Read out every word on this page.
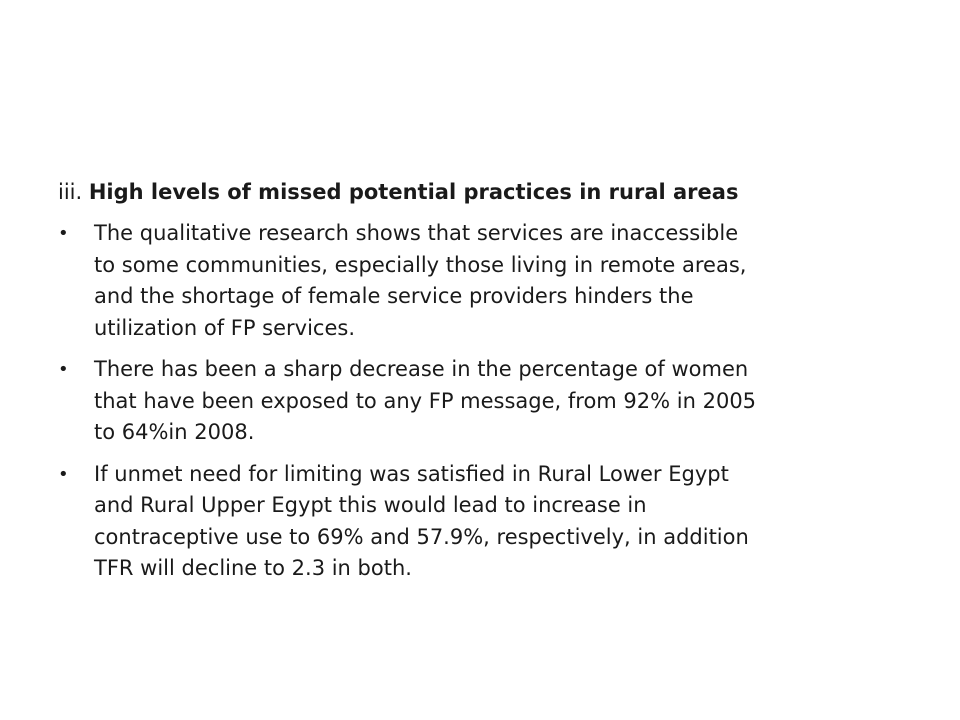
iii. High levels of missed potential practices in rural areas
•	The qualitative research shows that services are inaccessible
to some communities, especially those living in remote areas,
and the shortage of female service providers hinders the
utilization of FP services.
•	There has been a sharp decrease in the percentage of women
that have been exposed to any FP message, from 92% in 2005
to 64%in 2008.
•	If unmet need for limiting was satisfied in Rural Lower Egypt
and Rural Upper Egypt this would lead to increase in
contraceptive use to 69% and 57.9%, respectively, in addition
TFR will decline to 2.3 in both.
